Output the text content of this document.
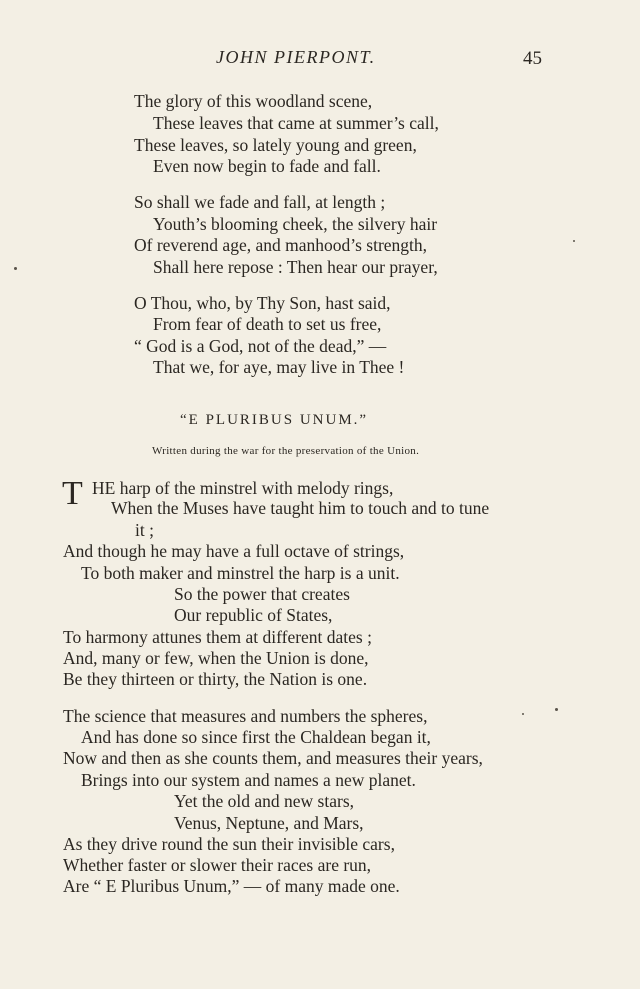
JOHN PIERPONT.	45
The glory of this woodland scene,
These leaves that came at summer’s call,
These leaves, so lately young and green,
Even now begin to fade and fall.
So shall we fade and fall, at length ;
Youth’s blooming cheek, the silvery hair
Of reverend age, and manhood’s strength,
Shall here repose : Then hear our prayer,
O Thou, who, by Thy Son, hast said,
From fear of death to set us free,
“ God is a God, not of the dead,” —
That we, for aye, may live in Thee !
“E PLURIBUS UNUM.”
Written during the war for the preservation of the Union.
T HE harp of the minstrel with melody rings,
When the Muses have taught him to touch and to tune
it ;
And though he may have a full octave of strings,
To both maker and minstrel the harp is a unit.
So the power that creates
Our republic of States,
To harmony attunes them at different dates ;
And, many or few, when the Union is done,
Be they thirteen or thirty, the Nation is one.
The science that measures and numbers the spheres,
And has done so since first the Chaldean began it,
Now and then as she counts them, and measures their years,
Brings into our system and names a new planet.
Yet the old and new stars,
Venus, Neptune, and Mars,
As they drive round the sun their invisible cars,
Whether faster or slower their races are run,
Are “ E Pluribus Unum,” — of many made one.
